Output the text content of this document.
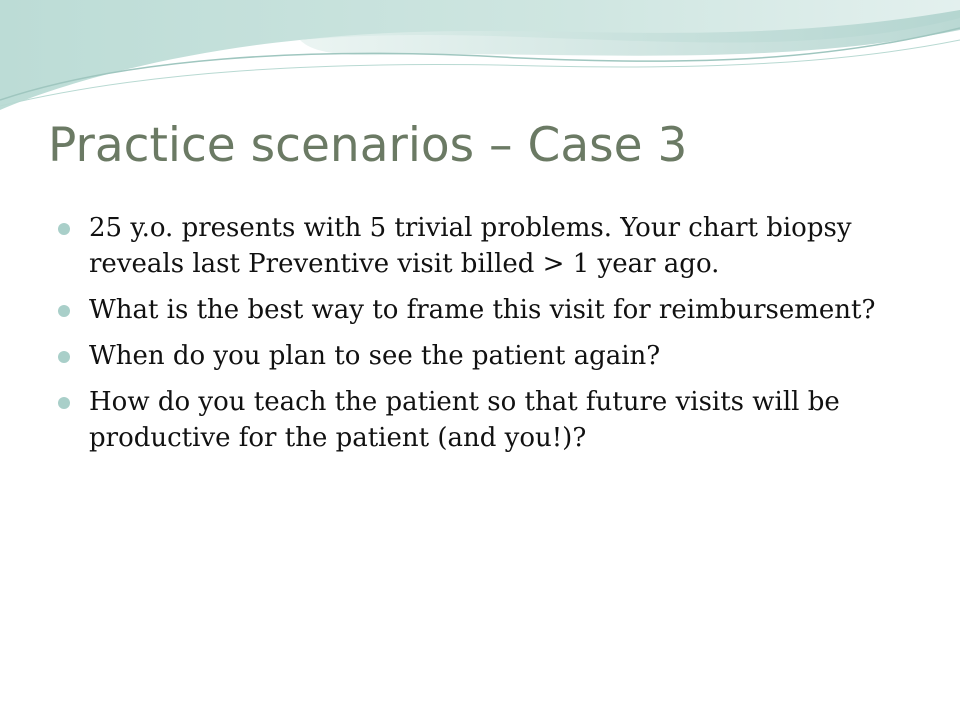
Practice scenarios – Case 3
25 y.o. presents with 5 trivial problems. Your chart biopsy reveals last Preventive visit billed > 1 year ago.
What is the best way to frame this visit for reimbursement?
When do you plan to see the patient again?
How do you teach the patient so that future visits will be productive for the patient (and you!)?
